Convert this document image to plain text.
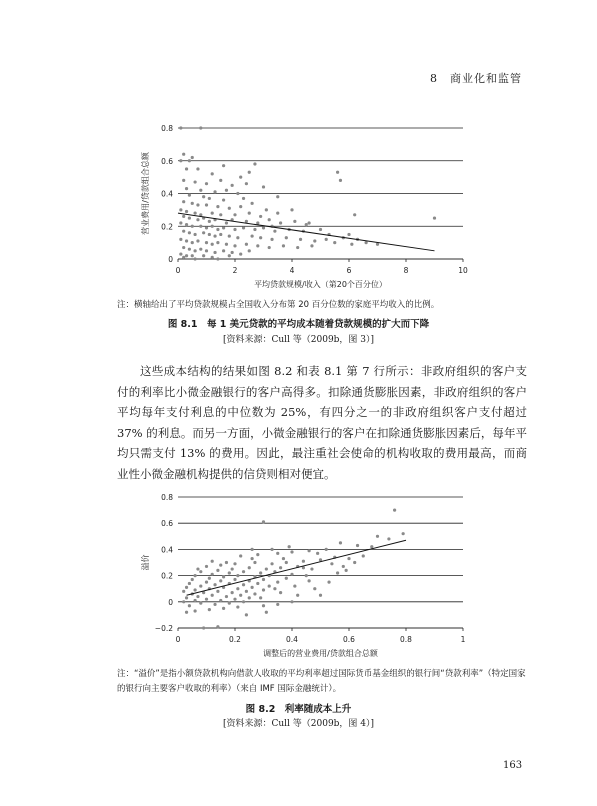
8　商业化和监管
0
0.2
0.4
0.6
0.8
0	2	4	6	8	10
平均贷款规模/收入（第20个百分位）
营业费用/贷款组合总额
注：横轴给出了平均贷款规模占全国收入分布第 20 百分位数的家庭平均收入的比例。
图 8.1　每 1 美元贷款的平均成本随着贷款规模的扩大而下降
[资料来源：Cull 等（2009b，图 3）]
这些成本结构的结果如图 8.2 和表 8.1 第 7 行所示：非政府组织的客户支付的利率比小微金融银行的客户高得多。扣除通货膨胀因素，非政府组织的客户平均每年支付利息的中位数为 25%，有四分之一的非政府组织客户支付超过 37% 的利息。而另一方面，小微金融银行的客户在扣除通货膨胀因素后，每年平均只需支付 13% 的费用。因此，最注重社会使命的机构收取的费用最高，而商业性小微金融机构提供的信贷则相对便宜。
−0.2
0
0.2
0.4
0.6
0.8
0	0.2	0.4	0.6	0.8	1
调整后的营业费用/贷款组合总额
溢价
注：“溢价”是指小额贷款机构向借款人收取的平均利率超过国际货币基金组织的银行间“贷款利率”（特定国家的银行向主要客户收取的利率）（来自 IMF 国际金融统计）。
图 8.2　利率随成本上升
[资料来源：Cull 等（2009b，图 4）]
163
